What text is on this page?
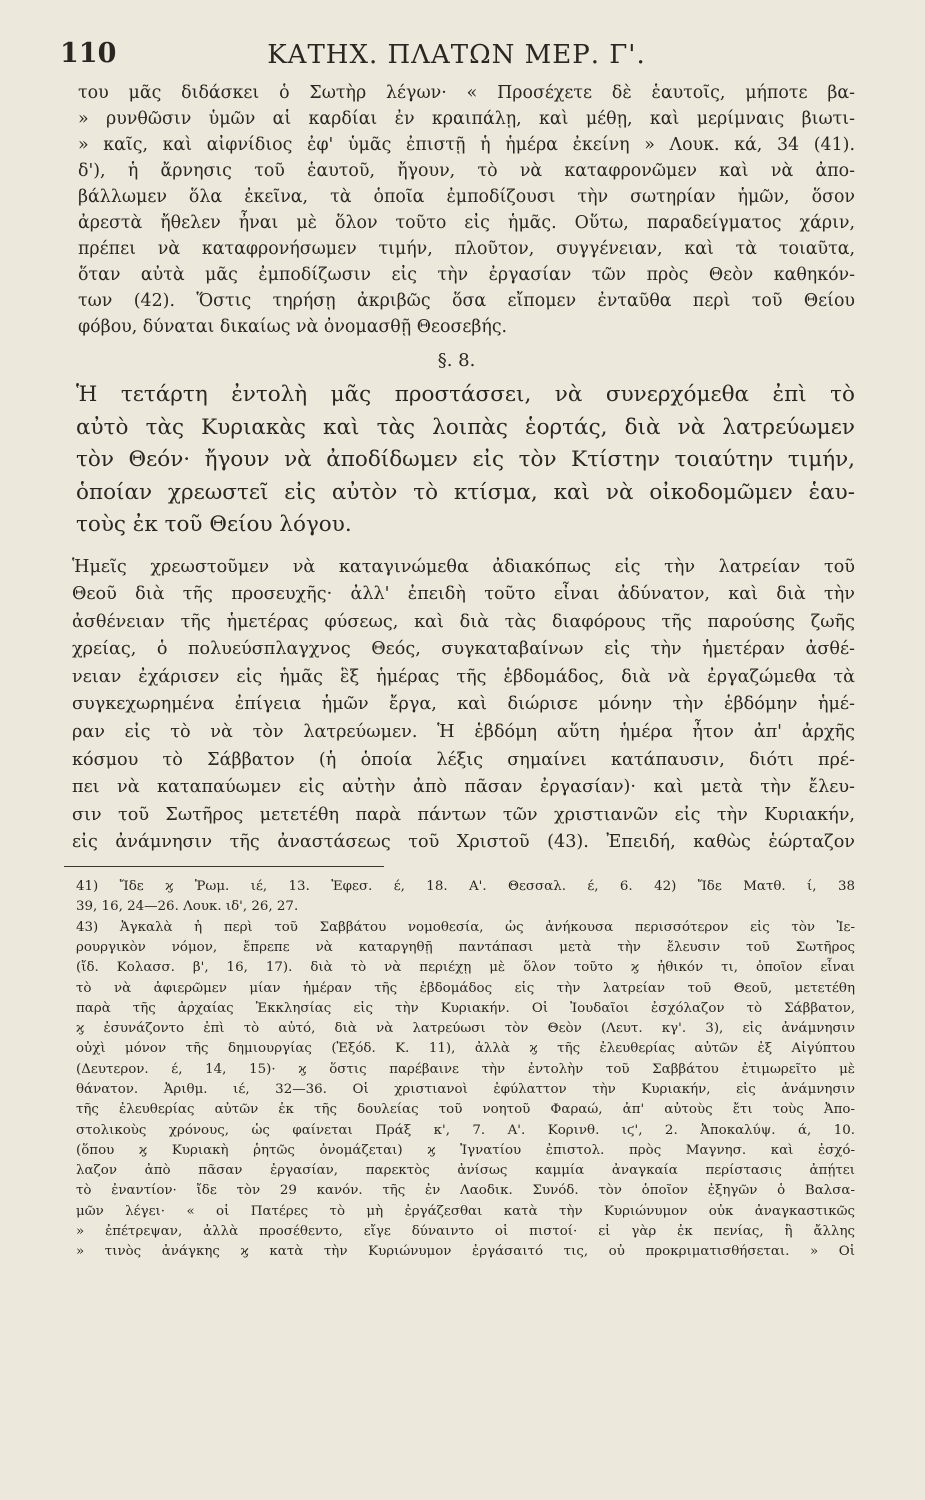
110	ΚΑΤΗΧ. ΠΛΑΤΩΝ ΜΕΡ. Γ'.
του μᾶς διδάσκει ὁ Σωτὴρ λέγων· « Προσέχετε δὲ ἑαυτοῖς, μήποτε βα-
» ρυνθῶσιν ὑμῶν αἱ καρδίαι ἐν κραιπάλῃ, καὶ μέθῃ, καὶ μερίμναις βιωτι-
» καῖς, καὶ αἰφνίδιος ἐφ' ὑμᾶς ἐπιστῇ ἡ ἡμέρα ἐκείνη » Λουκ. κά, 34 (41).
δ'), ἡ ἄρνησις τοῦ ἑαυτοῦ, ἤγουν, τὸ νὰ καταφρονῶμεν καὶ νὰ ἀπο-
βάλλωμεν ὅλα ἐκεῖνα, τὰ ὁποῖα ἐμποδίζουσι τὴν σωτηρίαν ἡμῶν, ὅσον
ἀρεστὰ ἤθελεν ἦναι μὲ ὅλον τοῦτο εἰς ἡμᾶς. Οὕτω, παραδείγματος χάριν,
πρέπει νὰ καταφρονήσωμεν τιμήν, πλοῦτον, συγγένειαν, καὶ τὰ τοιαῦτα,
ὅταν αὐτὰ μᾶς ἐμποδίζωσιν εἰς τὴν ἐργασίαν τῶν πρὸς Θεὸν καθηκόν-
των (42). Ὅστις τηρήσῃ ἀκριβῶς ὅσα εἴπομεν ἐνταῦθα περὶ τοῦ Θείου
φόβου, δύναται δικαίως νὰ ὀνομασθῇ Θεοσεβής.
§. 8.
Ἡ τετάρτη ἐντολὴ μᾶς προστάσσει, νὰ συνερχόμεθα ἐπὶ τὸ
αὐτὸ τὰς Κυριακὰς καὶ τὰς λοιπὰς ἑορτάς, διὰ νὰ λατρεύωμεν
τὸν Θεόν· ἤγουν νὰ ἀποδίδωμεν εἰς τὸν Κτίστην τοιαύτην τιμήν,
ὁποίαν χρεωστεῖ εἰς αὐτὸν τὸ κτίσμα, καὶ νὰ οἰκοδομῶμεν ἑαυ-
τοὺς ἐκ τοῦ Θείου λόγου.
Ἡμεῖς χρεωστοῦμεν νὰ καταγινώμεθα ἀδιακόπως εἰς τὴν λατρείαν τοῦ
Θεοῦ διὰ τῆς προσευχῆς· ἀλλ' ἐπειδὴ τοῦτο εἶναι ἀδύνατον, καὶ διὰ τὴν
ἀσθένειαν τῆς ἡμετέρας φύσεως, καὶ διὰ τὰς διαφόρους τῆς παρούσης ζωῆς
χρείας, ὁ πολυεύσπλαγχνος Θεός, συγκαταβαίνων εἰς τὴν ἡμετέραν ἀσθέ-
νειαν ἐχάρισεν εἰς ἡμᾶς ἓξ ἡμέρας τῆς ἑβδομάδος, διὰ νὰ ἐργαζώμεθα τὰ
συγκεχωρημένα ἐπίγεια ἡμῶν ἔργα, καὶ διώρισε μόνην τὴν ἑβδόμην ἡμέ-
ραν εἰς τὸ νὰ τὸν λατρεύωμεν. Ἡ ἑβδόμη αὕτη ἡμέρα ἦτον ἀπ' ἀρχῆς
κόσμου τὸ Σάββατον (ἡ ὁποία λέξις σημαίνει κατάπαυσιν, διότι πρέ-
πει νὰ καταπαύωμεν εἰς αὐτὴν ἀπὸ πᾶσαν ἐργασίαν)· καὶ μετὰ τὴν ἔλευ-
σιν τοῦ Σωτῆρος μετετέθη παρὰ πάντων τῶν χριστιανῶν εἰς τὴν Κυριακήν,
εἰς ἀνάμνησιν τῆς ἀναστάσεως τοῦ Χριστοῦ (43). Ἐπειδή, καθὼς ἑώρταζον
41) Ἴδε ϗ Ῥωμ. ιέ, 13. Ἐφεσ. έ, 18. Α'. Θεσσαλ. έ, 6. 42) Ἴδε Ματθ. ί, 38
39, 16, 24—26. Λουκ. ιδ', 26, 27.
43) Ἀγκαλὰ ἡ περὶ τοῦ Σαββάτου νομοθεσία, ὡς ἀνήκουσα περισσότερον εἰς τὸν Ἱε-
ρουργικὸν νόμον, ἔπρεπε νὰ καταργηθῇ παντάπασι μετὰ τὴν ἔλευσιν τοῦ Σωτῆρος
(ἴδ. Κολασσ. β', 16, 17). διὰ τὸ νὰ περιέχῃ μὲ ὅλον τοῦτο ϗ ἠθικόν τι, ὁποῖον εἶναι
τὸ νὰ ἀφιερῶμεν μίαν ἡμέραν τῆς ἑβδομάδος εἰς τὴν λατρείαν τοῦ Θεοῦ, μετετέθη
παρὰ τῆς ἀρχαίας Ἐκκλησίας εἰς τὴν Κυριακήν. Οἱ Ἰουδαῖοι ἐσχόλαζον τὸ Σάββατον,
ϗ ἐσυνάζοντο ἐπὶ τὸ αὐτό, διὰ νὰ λατρεύωσι τὸν Θεὸν (Λευτ. κγ'. 3), εἰς ἀνάμνησιν
οὐχὶ μόνον τῆς δημιουργίας (Ἐξόδ. Κ. 11), ἀλλὰ ϗ τῆς ἐλευθερίας αὐτῶν ἐξ Αἰγύπτου
(Δευτερον. έ, 14, 15)· ϗ ὅστις παρέβαινε τὴν ἐντολὴν τοῦ Σαββάτου ἐτιμωρεῖτο μὲ
θάνατον. Ἀριθμ. ιέ, 32—36. Οἱ χριστιανοὶ ἐφύλαττον τὴν Κυριακήν, εἰς ἀνάμνησιν
τῆς ἐλευθερίας αὐτῶν ἐκ τῆς δουλείας τοῦ νοητοῦ Φαραώ, ἀπ' αὐτοὺς ἔτι τοὺς Ἀπο-
στολικοὺς χρόνους, ὡς φαίνεται Πράξ κ', 7. Α'. Κορινθ. ιϛ', 2. Ἀποκαλύψ. ά, 10.
(ὅπου ϗ Κυριακὴ ῥητῶς ὀνομάζεται) ϗ Ἰγνατίου ἐπιστολ. πρὸς Μαγνησ. καὶ ἐσχό-
λαζον ἀπὸ πᾶσαν ἐργασίαν, παρεκτὸς ἀνίσως καμμία ἀναγκαία περίστασις ἀπῄτει
τὸ ἐναντίον· ἴδε τὸν 29 κανόν. τῆς ἐν Λαοδικ. Συνόδ. τὸν ὁποῖον ἐξηγῶν ὁ Βαλσα-
μῶν λέγει· « οἱ Πατέρες τὸ μὴ ἐργάζεσθαι κατὰ τὴν Κυριώνυμον οὐκ ἀναγκαστικῶς
» ἐπέτρεψαν, ἀλλὰ προσέθεντο, εἴγε δύναιντο οἱ πιστοί· εἰ γὰρ ἐκ πενίας, ἢ ἄλλης
» τινὸς ἀνάγκης ϗ κατὰ τὴν Κυριώνυμον ἐργάσαιτό τις, οὐ προκριματισθήσεται. » Οἱ
